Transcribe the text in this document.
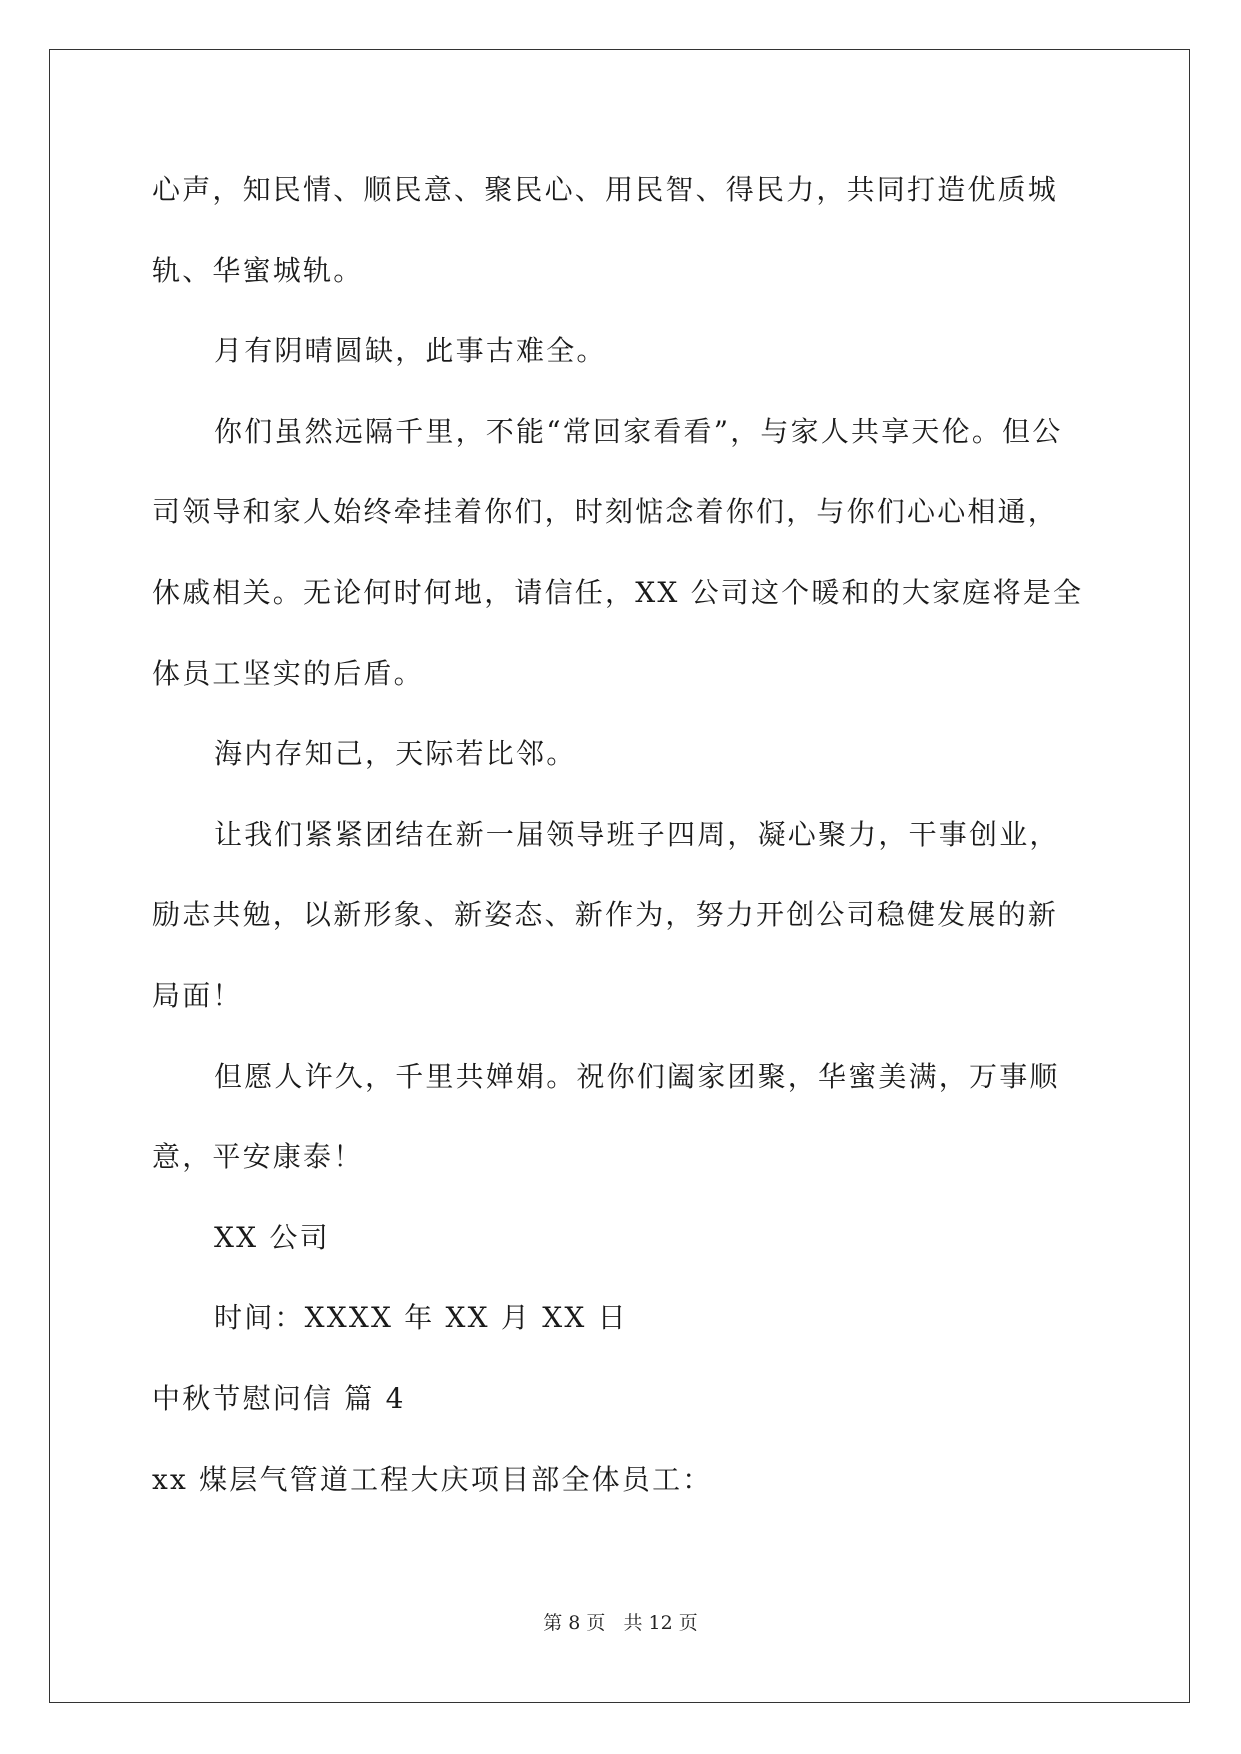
心声，知民情、顺民意、聚民心、用民智、得民力，共同打造优质城
轨、华蜜城轨。
月有阴晴圆缺，此事古难全。
你们虽然远隔千里，不能“常回家看看”，与家人共享天伦。但公
司领导和家人始终牵挂着你们，时刻惦念着你们，与你们心心相通，
休戚相关。无论何时何地，请信任，XX 公司这个暖和的大家庭将是全
体员工坚实的后盾。
海内存知己，天际若比邻。
让我们紧紧团结在新一届领导班子四周，凝心聚力，干事创业，
励志共勉，以新形象、新姿态、新作为，努力开创公司稳健发展的新
局面！
但愿人许久，千里共婵娟。祝你们阖家团聚，华蜜美满，万事顺
意，平安康泰！
XX 公司
时间：XXXX 年 XX 月 XX 日
中秋节慰问信 篇 4
xx 煤层气管道工程大庆项目部全体员工：
第 8 页 共 12 页
